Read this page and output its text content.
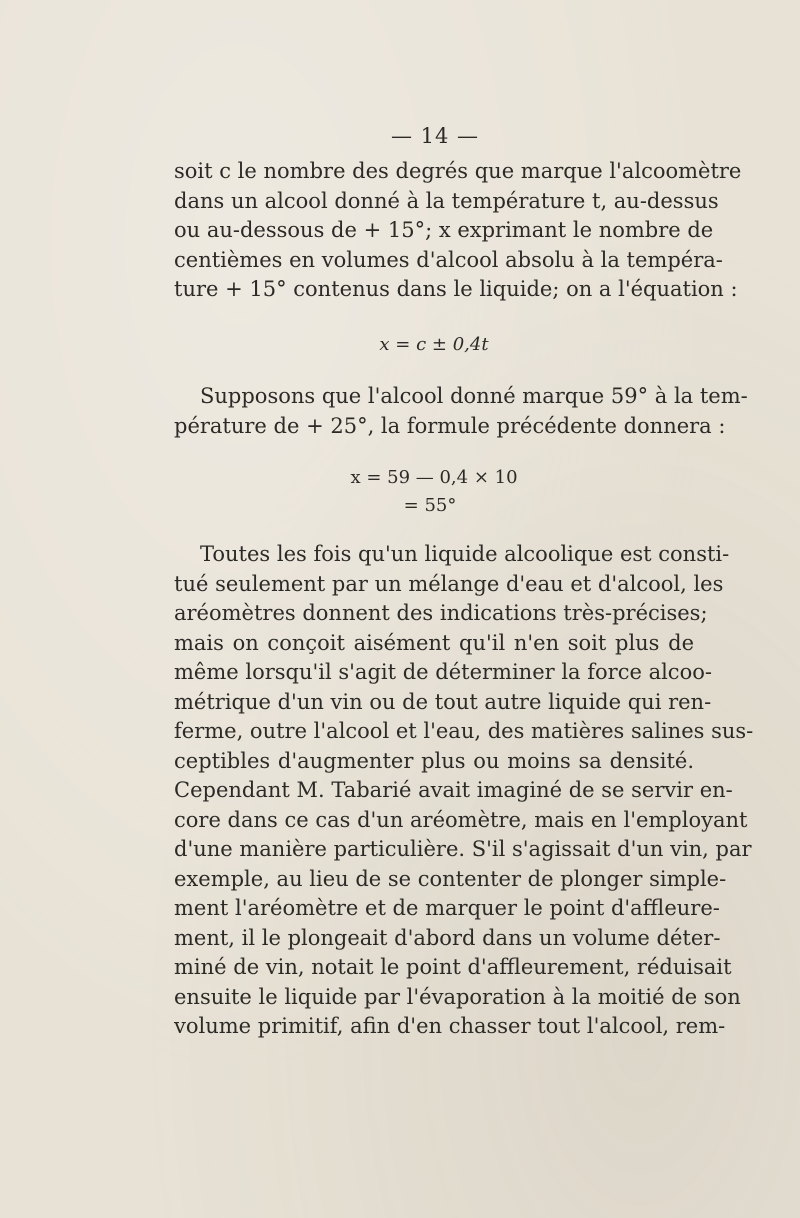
— 14 —
soit c le nombre des degrés que marque l'alcoomètre
dans un alcool donné à la température t, au-dessus
ou au-dessous de + 15°; x exprimant le nombre de
centièmes en volumes d'alcool absolu à la tempéra-
ture + 15° contenus dans le liquide; on a l'équation :
x = c ± 0,4t
Supposons que l'alcool donné marque 59° à la tem-
pérature de + 25°, la formule précédente donnera :
x = 59 — 0,4 × 10
= 55°
Toutes les fois qu'un liquide alcoolique est consti-
tué seulement par un mélange d'eau et d'alcool, les
aréomètres donnent des indications très-précises;
mais on conçoit aisément qu'il n'en soit plus de
même lorsqu'il s'agit de déterminer la force alcoo-
métrique d'un vin ou de tout autre liquide qui ren-
ferme, outre l'alcool et l'eau, des matières salines sus-
ceptibles d'augmenter plus ou moins sa densité.
Cependant M. Tabarié avait imaginé de se servir en-
core dans ce cas d'un aréomètre, mais en l'employant
d'une manière particulière. S'il s'agissait d'un vin, par
exemple, au lieu de se contenter de plonger simple-
ment l'aréomètre et de marquer le point d'affleure-
ment, il le plongeait d'abord dans un volume déter-
miné de vin, notait le point d'affleurement, réduisait
ensuite le liquide par l'évaporation à la moitié de son
volume primitif, afin d'en chasser tout l'alcool, rem-
